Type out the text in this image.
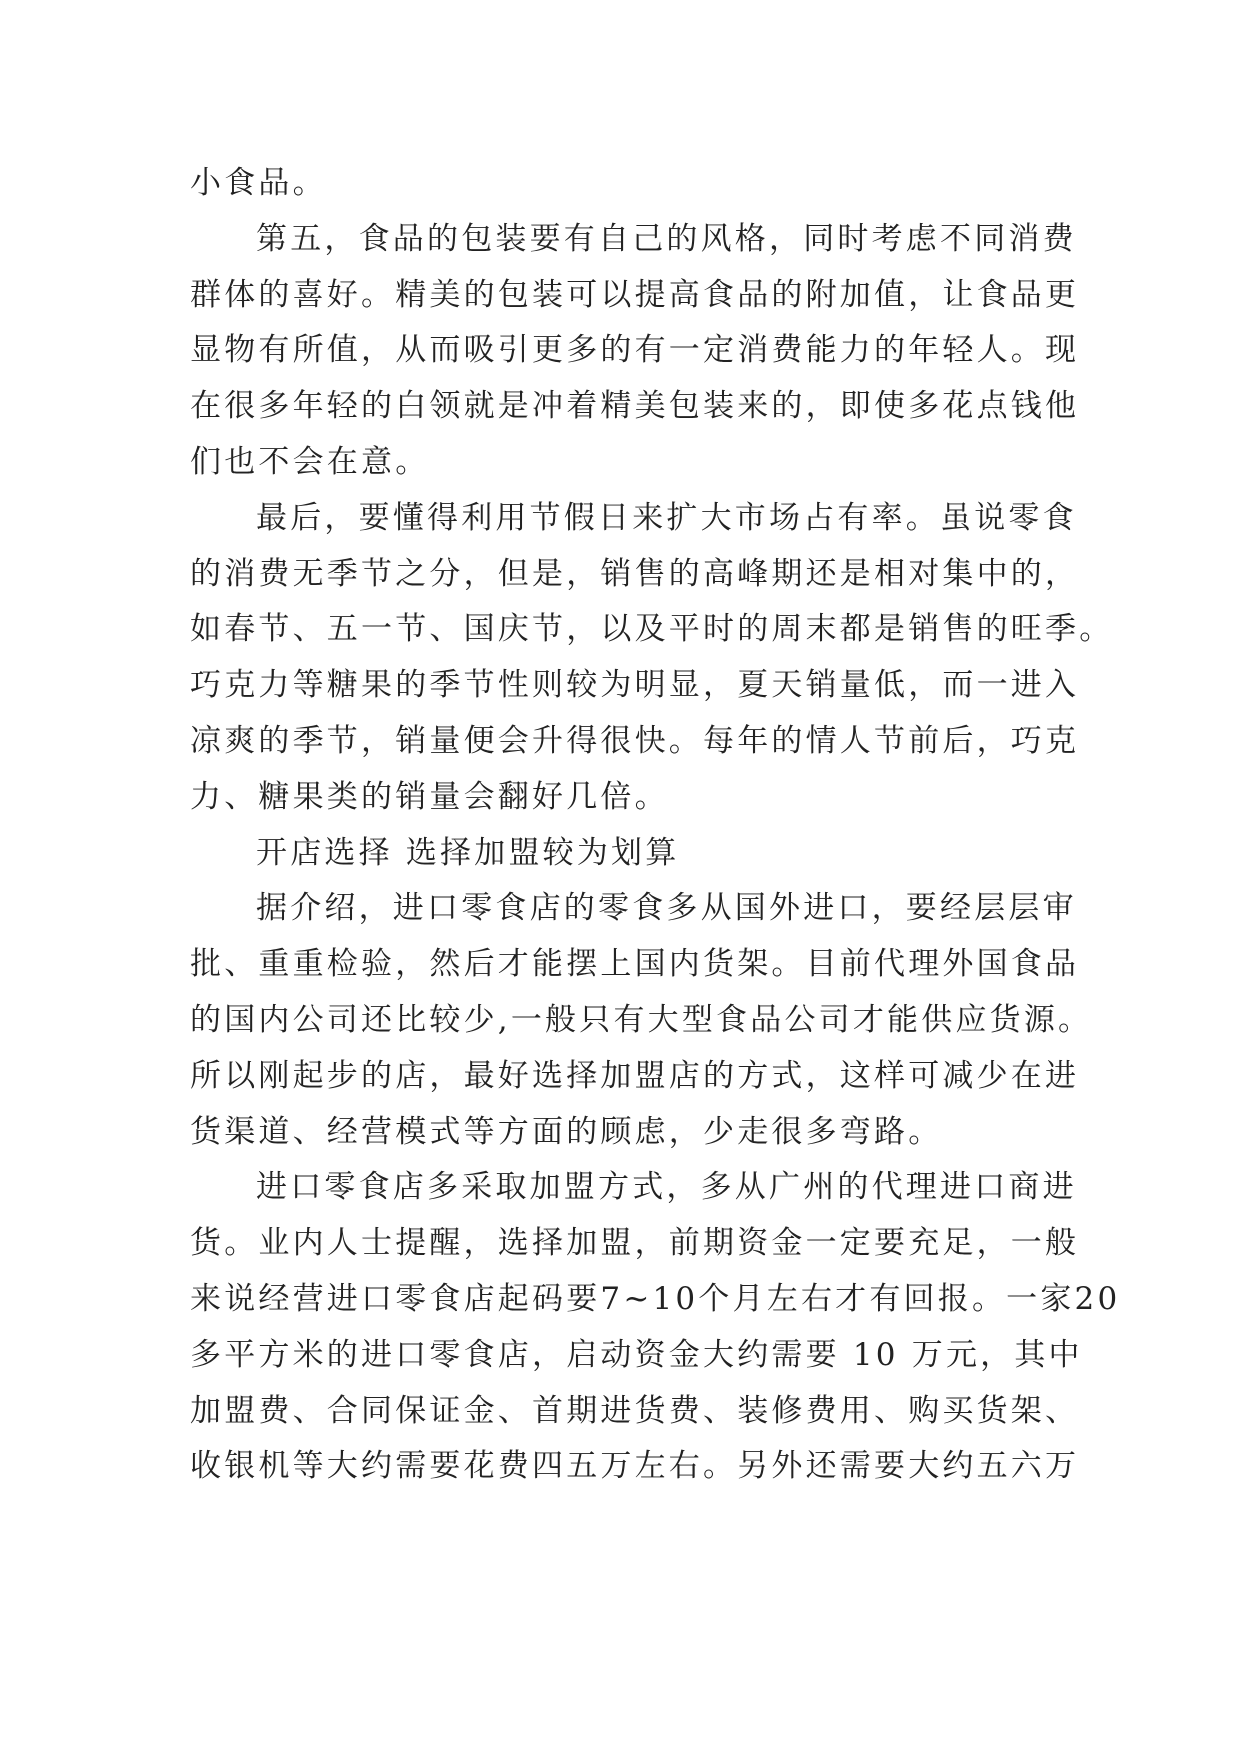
小食品。
第五，食品的包装要有自己的风格，同时考虑不同消费
群体的喜好。精美的包装可以提高食品的附加值，让食品更
显物有所值，从而吸引更多的有一定消费能力的年轻人。现
在很多年轻的白领就是冲着精美包装来的，即使多花点钱他
们也不会在意。
最后，要懂得利用节假日来扩大市场占有率。虽说零食
的消费无季节之分，但是，销售的高峰期还是相对集中的，
如春节、五一节、国庆节，以及平时的周末都是销售的旺季。
巧克力等糖果的季节性则较为明显，夏天销量低，而一进入
凉爽的季节，销量便会升得很快。每年的情人节前后，巧克
力、糖果类的销量会翻好几倍。
开店选择 选择加盟较为划算
据介绍，进口零食店的零食多从国外进口，要经层层审
批、重重检验，然后才能摆上国内货架。目前代理外国食品
的国内公司还比较少,一般只有大型食品公司才能供应货源。
所以刚起步的店，最好选择加盟店的方式，这样可减少在进
货渠道、经营模式等方面的顾虑，少走很多弯路。
进口零食店多采取加盟方式，多从广州的代理进口商进
货。业内人士提醒，选择加盟，前期资金一定要充足，一般
来说经营进口零食店起码要7~10个月左右才有回报。一家20
多平方米的进口零食店，启动资金大约需要 10 万元，其中
加盟费、合同保证金、首期进货费、装修费用、购买货架、
收银机等大约需要花费四五万左右。另外还需要大约五六万
